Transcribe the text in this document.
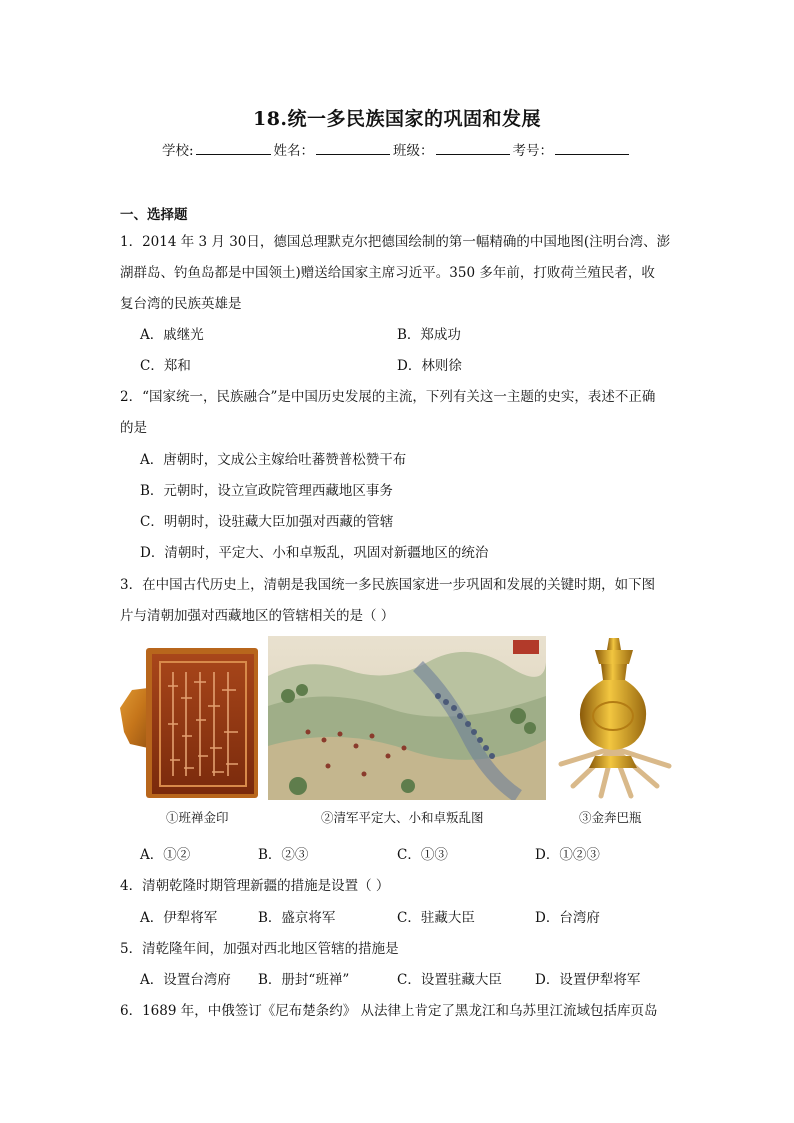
18.统一多民族国家的巩固和发展
学校:	姓名：	班级：	考号：
一、选择题
1．2014 年 3 月 30日，德国总理默克尔把德国绘制的第一幅精确的中国地图(注明台湾、澎
湖群岛、钓鱼岛都是中国领土)赠送给国家主席习近平。350 多年前，打败荷兰殖民者，收
复台湾的民族英雄是
A．戚继光	B．郑成功
C．郑和	D．林则徐
2．“国家统一，民族融合”是中国历史发展的主流，下列有关这一主题的史实，表述不正确
的是
A．唐朝时，文成公主嫁给吐蕃赞普松赞干布
B．元朝时，设立宣政院管理西藏地区事务
C．明朝时，设驻藏大臣加强对西藏的管辖
D．清朝时，平定大、小和卓叛乱，巩固对新疆地区的统治
3．在中国古代历史上，清朝是我国统一多民族国家进一步巩固和发展的关键时期，如下图
片与清朝加强对西藏地区的管辖相关的是（ ）
①班禅金印	②清军平定大、小和卓叛乱图	③金奔巴瓶
A．①②	B．②③	C．①③	D．①②③
4．清朝乾隆时期管理新疆的措施是设置（ ）
A．伊犁将军	B．盛京将军	C．驻藏大臣	D．台湾府
5．清乾隆年间，加强对西北地区管辖的措施是
A．设置台湾府 B．册封“班禅”	C．设置驻藏大臣 D．设置伊犁将军
6．1689 年，中俄签订《尼布楚条约》 从法律上肯定了黑龙江和乌苏里江流域包括库页岛
